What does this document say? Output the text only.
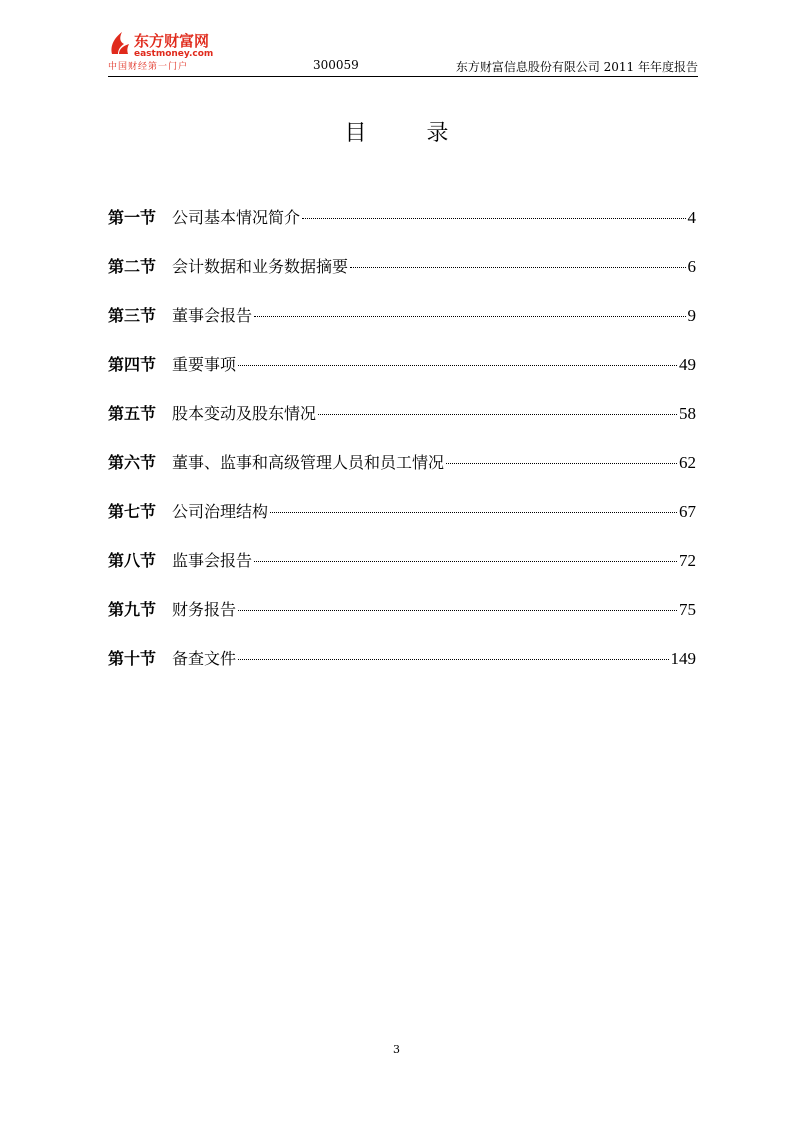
东方财富网
eastmoney.com
中国财经第一门户	300059	东方财富信息股份有限公司 2011 年年度报告
目录
第一节 公司基本情况简介	4
第二节 会计数据和业务数据摘要	6
第三节 董事会报告	9
第四节 重要事项	49
第五节 股本变动及股东情况	58
第六节 董事、监事和高级管理人员和员工情况	62
第七节 公司治理结构	67
第八节 监事会报告	72
第九节 财务报告	75
第十节 备查文件	149
3
